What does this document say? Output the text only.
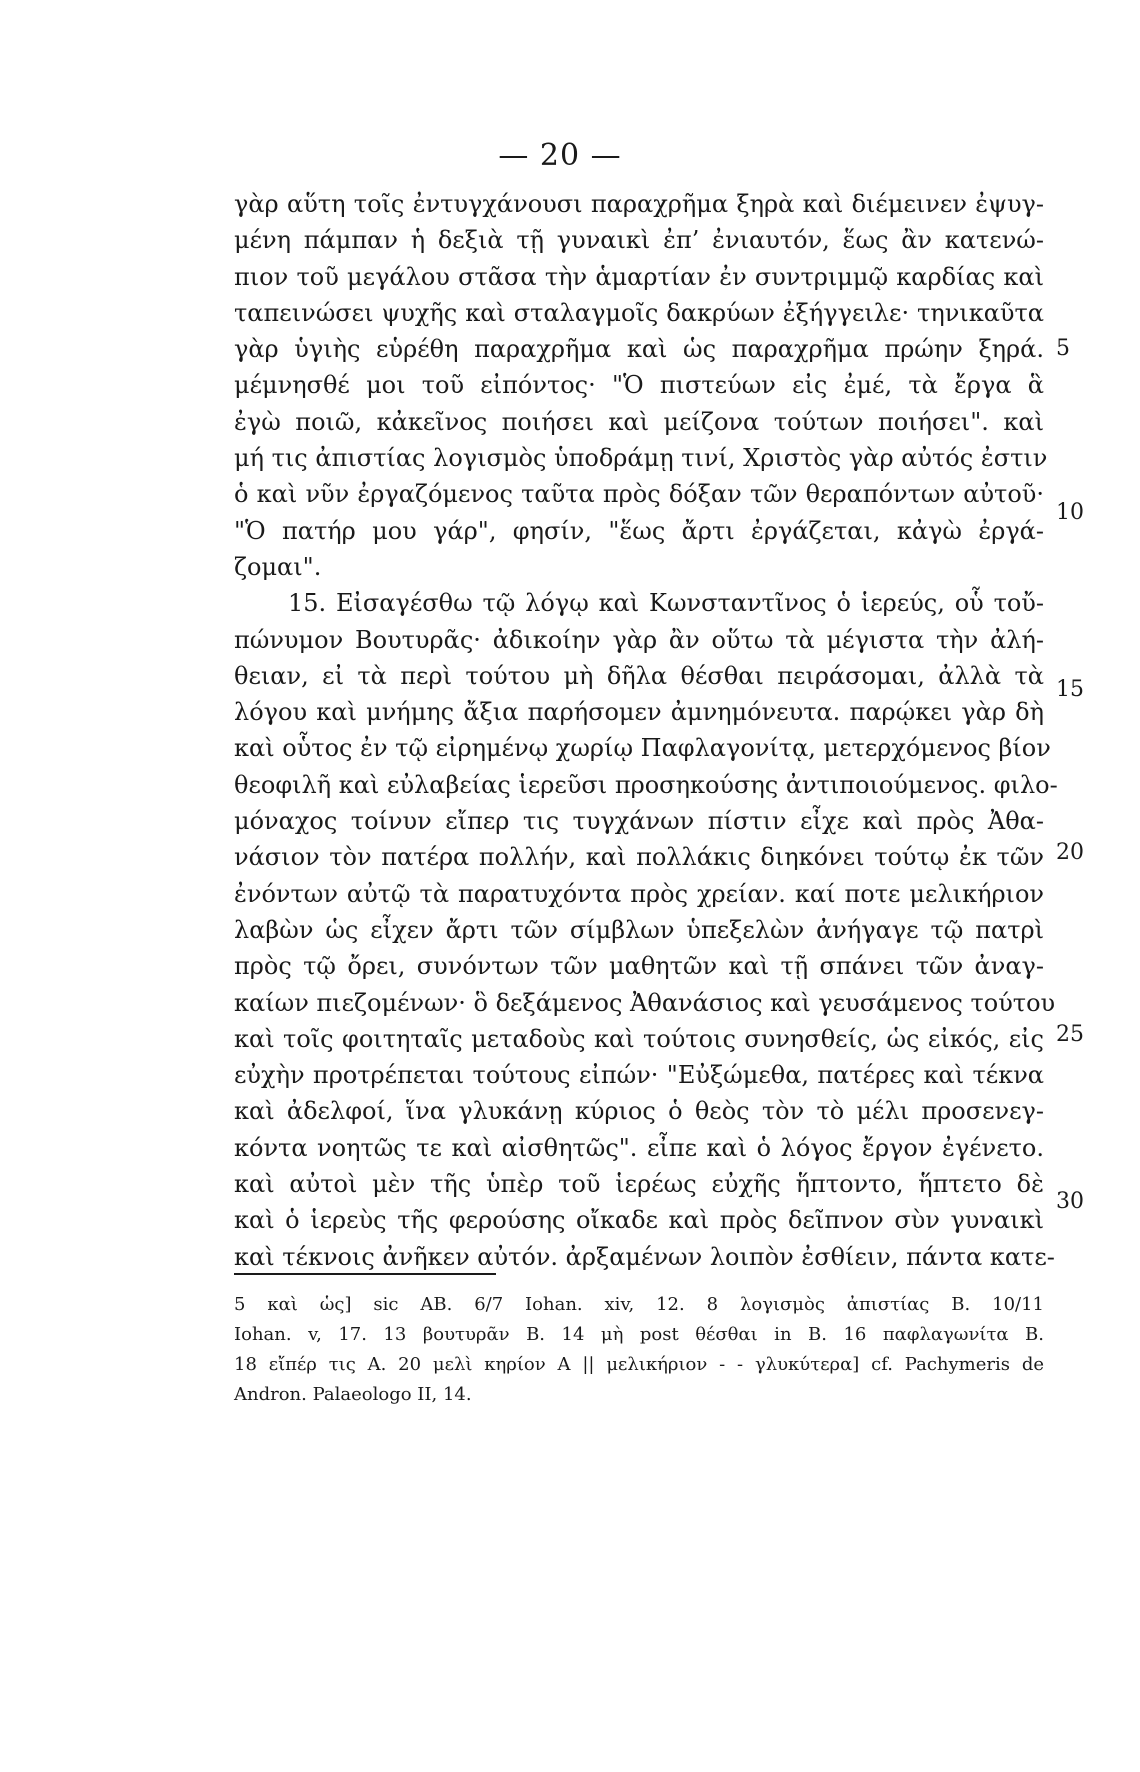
— 20 —
γὰρ αὕτη τοῖς ἐντυγχάνουσι παραχρῆμα ξηρὰ καὶ διέμεινεν ἐψυγ-
μένη πάμπαν ἡ δεξιὰ τῇ γυναικὶ ἐπ’ ἐνιαυτόν, ἕως ἂν κατενώ-
πιον τοῦ μεγάλου στᾶσα τὴν ἁμαρτίαν ἐν συντριμμῷ καρδίας καὶ
ταπεινώσει ψυχῆς καὶ σταλαγμοῖς δακρύων ἐξήγγειλε· τηνικαῦτα
γὰρ ὑγιὴς εὑρέθη παραχρῆμα καὶ ὡς παραχρῆμα πρώην ξηρά.
μέμνησθέ μοι τοῦ εἰπόντος· "Ὁ πιστεύων εἰς ἐμέ, τὰ ἔργα ἃ
ἐγὼ ποιῶ, κἀκεῖνος ποιήσει καὶ μείζονα τούτων ποιήσει". καὶ
μή τις ἀπιστίας λογισμὸς ὑποδράμῃ τινί, Χριστὸς γὰρ αὐτός ἐστιν
ὁ καὶ νῦν ἐργαζόμενος ταῦτα πρὸς δόξαν τῶν θεραπόντων αὐτοῦ·
"Ὁ πατήρ μου γάρ", φησίν, "ἕως ἄρτι ἐργάζεται, κἀγὼ ἐργά-
ζομαι".
15. Εἰσαγέσθω τῷ λόγῳ καὶ Κωνσταντῖνος ὁ ἱερεύς, οὗ τοὔ-
πώνυμον Βουτυρᾶς· ἀδικοίην γὰρ ἂν οὕτω τὰ μέγιστα τὴν ἀλή-
θειαν, εἰ τὰ περὶ τούτου μὴ δῆλα θέσθαι πειράσομαι, ἀλλὰ τὰ
λόγου καὶ μνήμης ἄξια παρήσομεν ἀμνημόνευτα. παρῴκει γὰρ δὴ
καὶ οὗτος ἐν τῷ εἰρημένῳ χωρίῳ Παφλαγονίτᾳ, μετερχόμενος βίον
θεοφιλῆ καὶ εὐλαβείας ἱερεῦσι προσηκούσης ἀντιποιούμενος. φιλο-
μόναχος τοίνυν εἴπερ τις τυγχάνων πίστιν εἶχε καὶ πρὸς Ἀθα-
νάσιον τὸν πατέρα πολλήν, καὶ πολλάκις διηκόνει τούτῳ ἐκ τῶν
ἐνόντων αὐτῷ τὰ παρατυχόντα πρὸς χρείαν. καί ποτε μελικήριον
λαβὼν ὡς εἶχεν ἄρτι τῶν σίμβλων ὑπεξελὼν ἀνήγαγε τῷ πατρὶ
πρὸς τῷ ὄρει, συνόντων τῶν μαθητῶν καὶ τῇ σπάνει τῶν ἀναγ-
καίων πιεζομένων· ὃ δεξάμενος Ἀθανάσιος καὶ γευσάμενος τούτου
καὶ τοῖς φοιτηταῖς μεταδοὺς καὶ τούτοις συνησθείς, ὡς εἰκός, εἰς
εὐχὴν προτρέπεται τούτους εἰπών· "Εὐξώμεθα, πατέρες καὶ τέκνα
καὶ ἀδελφοί, ἵνα γλυκάνῃ κύριος ὁ θεὸς τὸν τὸ μέλι προσενεγ-
κόντα νοητῶς τε καὶ αἰσθητῶς". εἶπε καὶ ὁ λόγος ἔργον ἐγένετο.
καὶ αὐτοὶ μὲν τῆς ὑπὲρ τοῦ ἱερέως εὐχῆς ἥπτοντο, ἥπτετο δὲ
καὶ ὁ ἱερεὺς τῆς φερούσης οἴκαδε καὶ πρὸς δεῖπνον σὺν γυναικὶ
καὶ τέκνοις ἀνῆκεν αὐτόν. ἀρξαμένων λοιπὸν ἐσθίειν, πάντα κατε-
5
10
15
20
25
30
5 καὶ ὡς] sic AB. 6/7 Iohan. xiv, 12. 8 λογισμὸς ἀπιστίας B. 10/11
Iohan. v, 17. 13 βουτυρᾶν B. 14 μὴ post θέσθαι in B. 16 παφλαγωνίτα B.
18 εἴπέρ τις A. 20 μελὶ κηρίον A || μελικήριον - - γλυκύτερα] cf. Pachymeris de
Andron. Palaeologo II, 14.
